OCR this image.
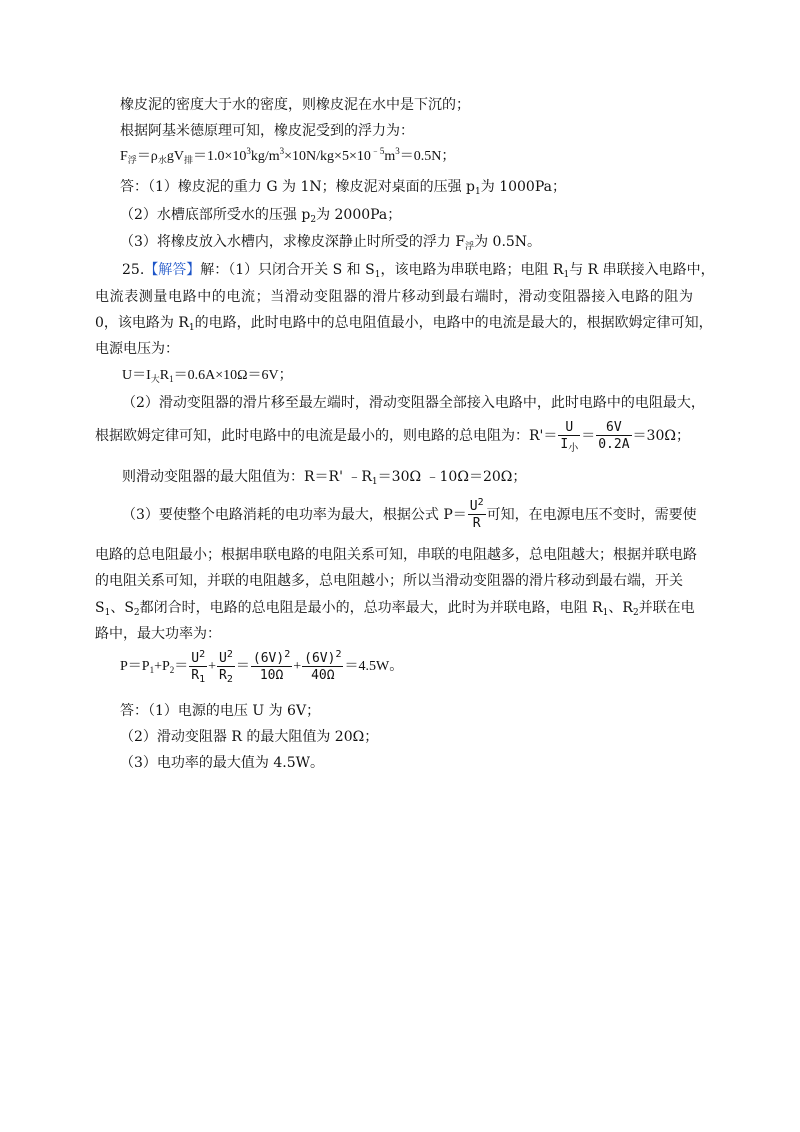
橡皮泥的密度大于水的密度，则橡皮泥在水中是下沉的；
根据阿基米德原理可知，橡皮泥受到的浮力为：
$F_浮=\rho_水gV_排=1.0\times 10^3kg/m^3\times 10N/kg\times 5\times 10^{﹣5}m^3=0.5N$；
答：（1）橡皮泥的重力 G 为 1N；橡皮泥对桌面的压强 $p_1$为 1000Pa；
（2）水槽底部所受水的压强 $p_2$为 2000Pa；
（3）将橡皮放入水槽内，求橡皮深静止时所受的浮力 $F_浮$为 0.5N。
25.【解答】解：（1）只闭合开关 S 和 $S_1$，该电路为串联电路；电阻 $R_1$与 R 串联接入电路中，
电流表测量电路中的电流；当滑动变阻器的滑片移动到最右端时，滑动变阻器接入电路的阻为
0，该电路为 $R_1$的电路，此时电路中的总电阻值最小，电路中的电流是最大的，根据欧姆定律可知，
电源电压为：
$U=I_大R_1=0.6A\times 10\Omega=6V$；
（2）滑动变阻器的滑片移至最左端时，滑动变阻器全部接入电路中，此时电路中的电阻最大，
根据欧姆定律可知，此时电路中的电流是最小的，则电路的总电阻为：$R'= \frac{U}{I_小} = \frac{6V}{0.2A} =30\Omega$；
则滑动变阻器的最大阻值为：R＝R' $﹣R_1=30\Omega$ ﹣10Ω＝20Ω；
（3）要使整个电路消耗的电功率为最大，根据公式 $P= \frac{U^2}{R}$ 可知，在电源电压不变时，需要使
电路的总电阻最小；根据串联电路的电阻关系可知，串联的电阻越多，总电阻越大；根据并联电路
的电阻关系可知，并联的电阻越多，总电阻越小；所以当滑动变阻器的滑片移动到最右端，开关
$S_1$、$S_2$都闭合时，电路的总电阻是最小的，总功率最大，此时为并联电路，电阻 $R_1$、$R_2$并联在电
路中，最大功率为：
$P=P_1 +P_2 = \frac{U^2}{R_1} + \frac{U^2}{R_2} = \frac{(6V)^2}{10\Omega} + \frac{(6V)^2}{40\Omega} =4.5W$。
答：（1）电源的电压 U 为 6V；
（2）滑动变阻器 R 的最大阻值为 20Ω；
（3）电功率的最大值为 4.5W。
